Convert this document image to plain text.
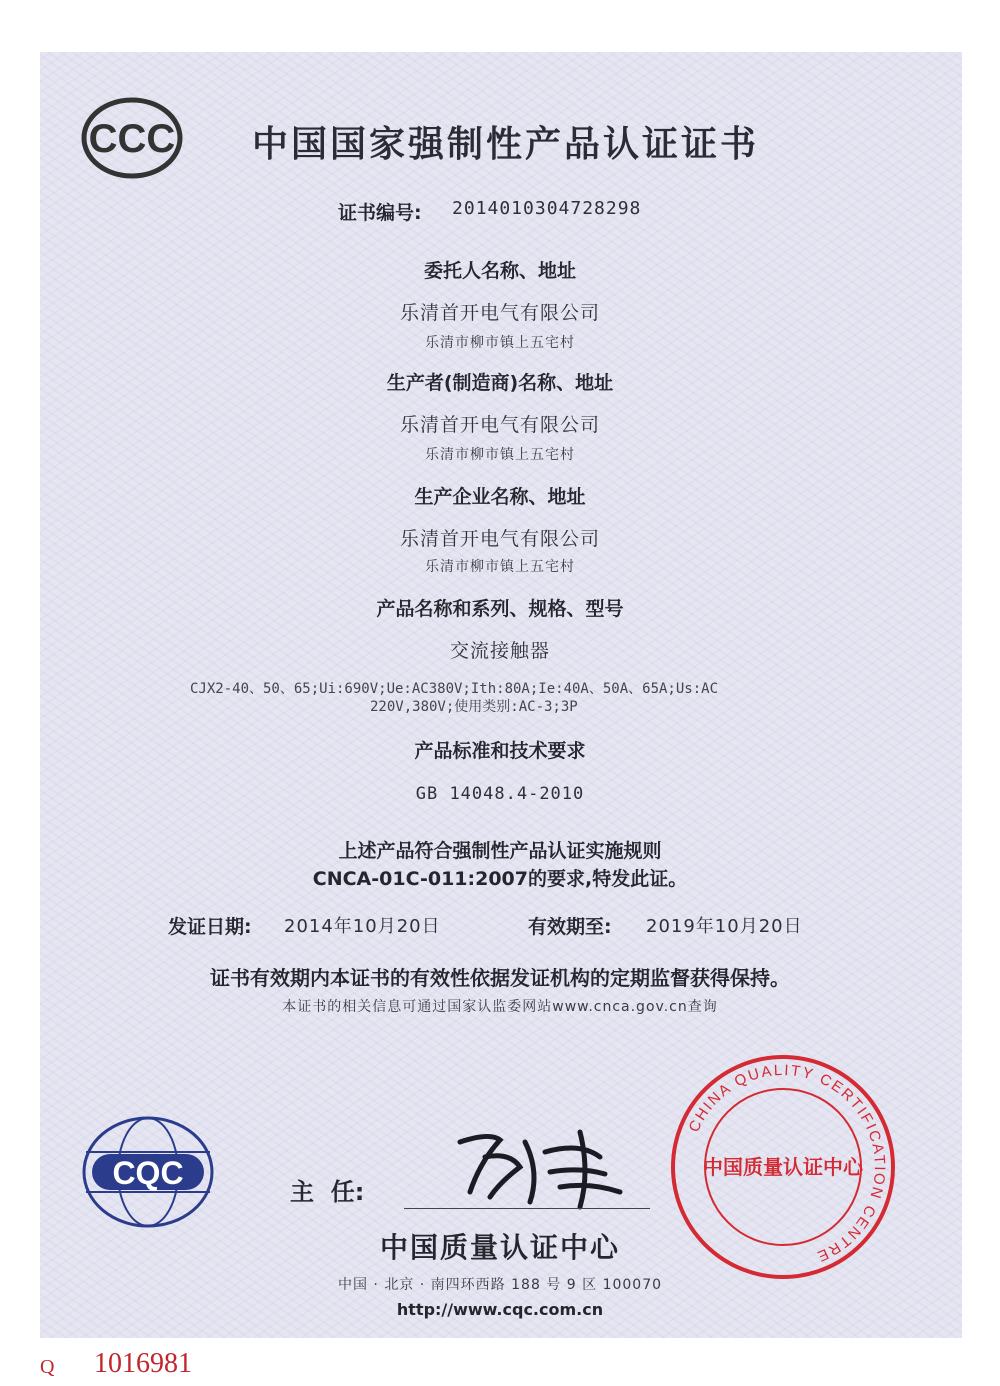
CCC 中国国家强制性产品认证证书
证书编号: 2014010304728298
委托人名称、地址
乐清首开电气有限公司
乐清市柳市镇上五宅村
生产者(制造商)名称、地址
乐清首开电气有限公司
乐清市柳市镇上五宅村
生产企业名称、地址
乐清首开电气有限公司
乐清市柳市镇上五宅村
产品名称和系列、规格、型号
交流接触器
CJX2-40、50、65;Ui:690V;Ue:AC380V;Ith:80A;Ie:40A、50A、65A;Us:AC
220V,380V;使用类别:AC-3;3P
产品标准和技术要求
GB 14048.4-2010
上述产品符合强制性产品认证实施规则
CNCA-01C-011:2007的要求,特发此证。
发证日期: 2014年10月20日	有效期至: 2019年10月20日
证书有效期内本证书的有效性依据发证机构的定期监督获得保持。
本证书的相关信息可通过国家认监委网站www.cnca.gov.cn查询
CQC
主  任:
中国质量认证中心
中国 · 北京 · 南四环西路 188 号 9 区 100070
http://www.cqc.com.cn
CHINA QUALITY CERTIFICATION CENTRE
中国质量认证中心
Q 1016981
